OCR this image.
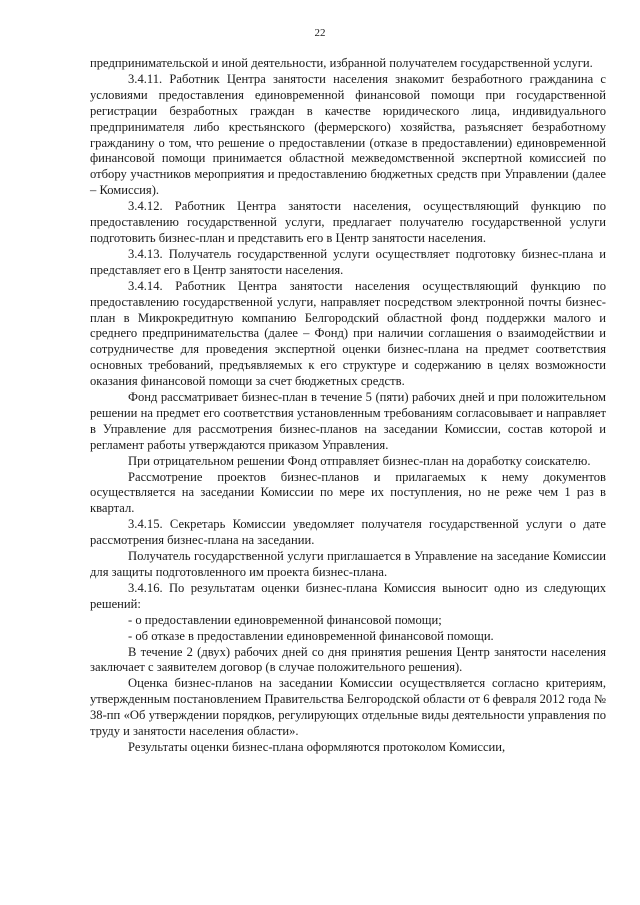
22

предпринимательской и иной деятельности, избранной получателем государственной услуги.

3.4.11. Работник Центра занятости населения знакомит безработного гражданина с условиями предоставления единовременной финансовой помощи при государственной регистрации безработных граждан в качестве юридического лица, индивидуального предпринимателя либо крестьянского (фермерского) хозяйства, разъясняет безработному гражданину о том, что решение о предоставлении (отказе в предоставлении) единовременной финансовой помощи принимается областной межведомственной экспертной комиссией по отбору участников мероприятия и предоставлению бюджетных средств при Управлении (далее – Комиссия).

3.4.12. Работник Центра занятости населения, осуществляющий функцию по предоставлению государственной услуги, предлагает получателю государственной услуги подготовить бизнес-план и представить его в Центр занятости населения.

3.4.13. Получатель государственной услуги осуществляет подготовку бизнес-плана и представляет его в Центр занятости населения.

3.4.14. Работник Центра занятости населения осуществляющий функцию по предоставлению государственной услуги, направляет посредством электронной почты бизнес-план в Микрокредитную компанию Белгородский областной фонд поддержки малого и среднего предпринимательства (далее – Фонд) при наличии соглашения о взаимодействии и сотрудничестве для проведения экспертной оценки бизнес-плана на предмет соответствия основных требований, предъявляемых к его структуре и содержанию в целях возможности оказания финансовой помощи за счет бюджетных средств.

Фонд рассматривает бизнес-план в течение 5 (пяти) рабочих дней и при положительном решении на предмет его соответствия установленным требованиям согласовывает и направляет в Управление для рассмотрения бизнес-планов на заседании Комиссии, состав которой и регламент работы утверждаются приказом Управления.

При отрицательном решении Фонд отправляет бизнес-план на доработку соискателю.

Рассмотрение проектов бизнес-планов и прилагаемых к нему документов осуществляется на заседании Комиссии по мере их поступления, но не реже чем 1 раз в квартал.

3.4.15. Секретарь Комиссии уведомляет получателя государственной услуги о дате рассмотрения бизнес-плана на заседании.

Получатель государственной услуги приглашается в Управление на заседание Комиссии для защиты подготовленного им проекта бизнес-плана.

3.4.16. По результатам оценки бизнес-плана Комиссия выносит одно из следующих решений:

- о предоставлении единовременной финансовой помощи;

- об отказе в предоставлении единовременной финансовой помощи.

В течение 2 (двух) рабочих дней со дня принятия решения Центр занятости населения заключает с заявителем договор (в случае положительного решения).

Оценка бизнес-планов на заседании Комиссии осуществляется согласно критериям, утвержденным постановлением Правительства Белгородской области от 6 февраля 2012 года № 38-пп «Об утверждении порядков, регулирующих отдельные виды деятельности управления по труду и занятости населения области».

Результаты оценки бизнес-плана оформляются протоколом Комиссии,
